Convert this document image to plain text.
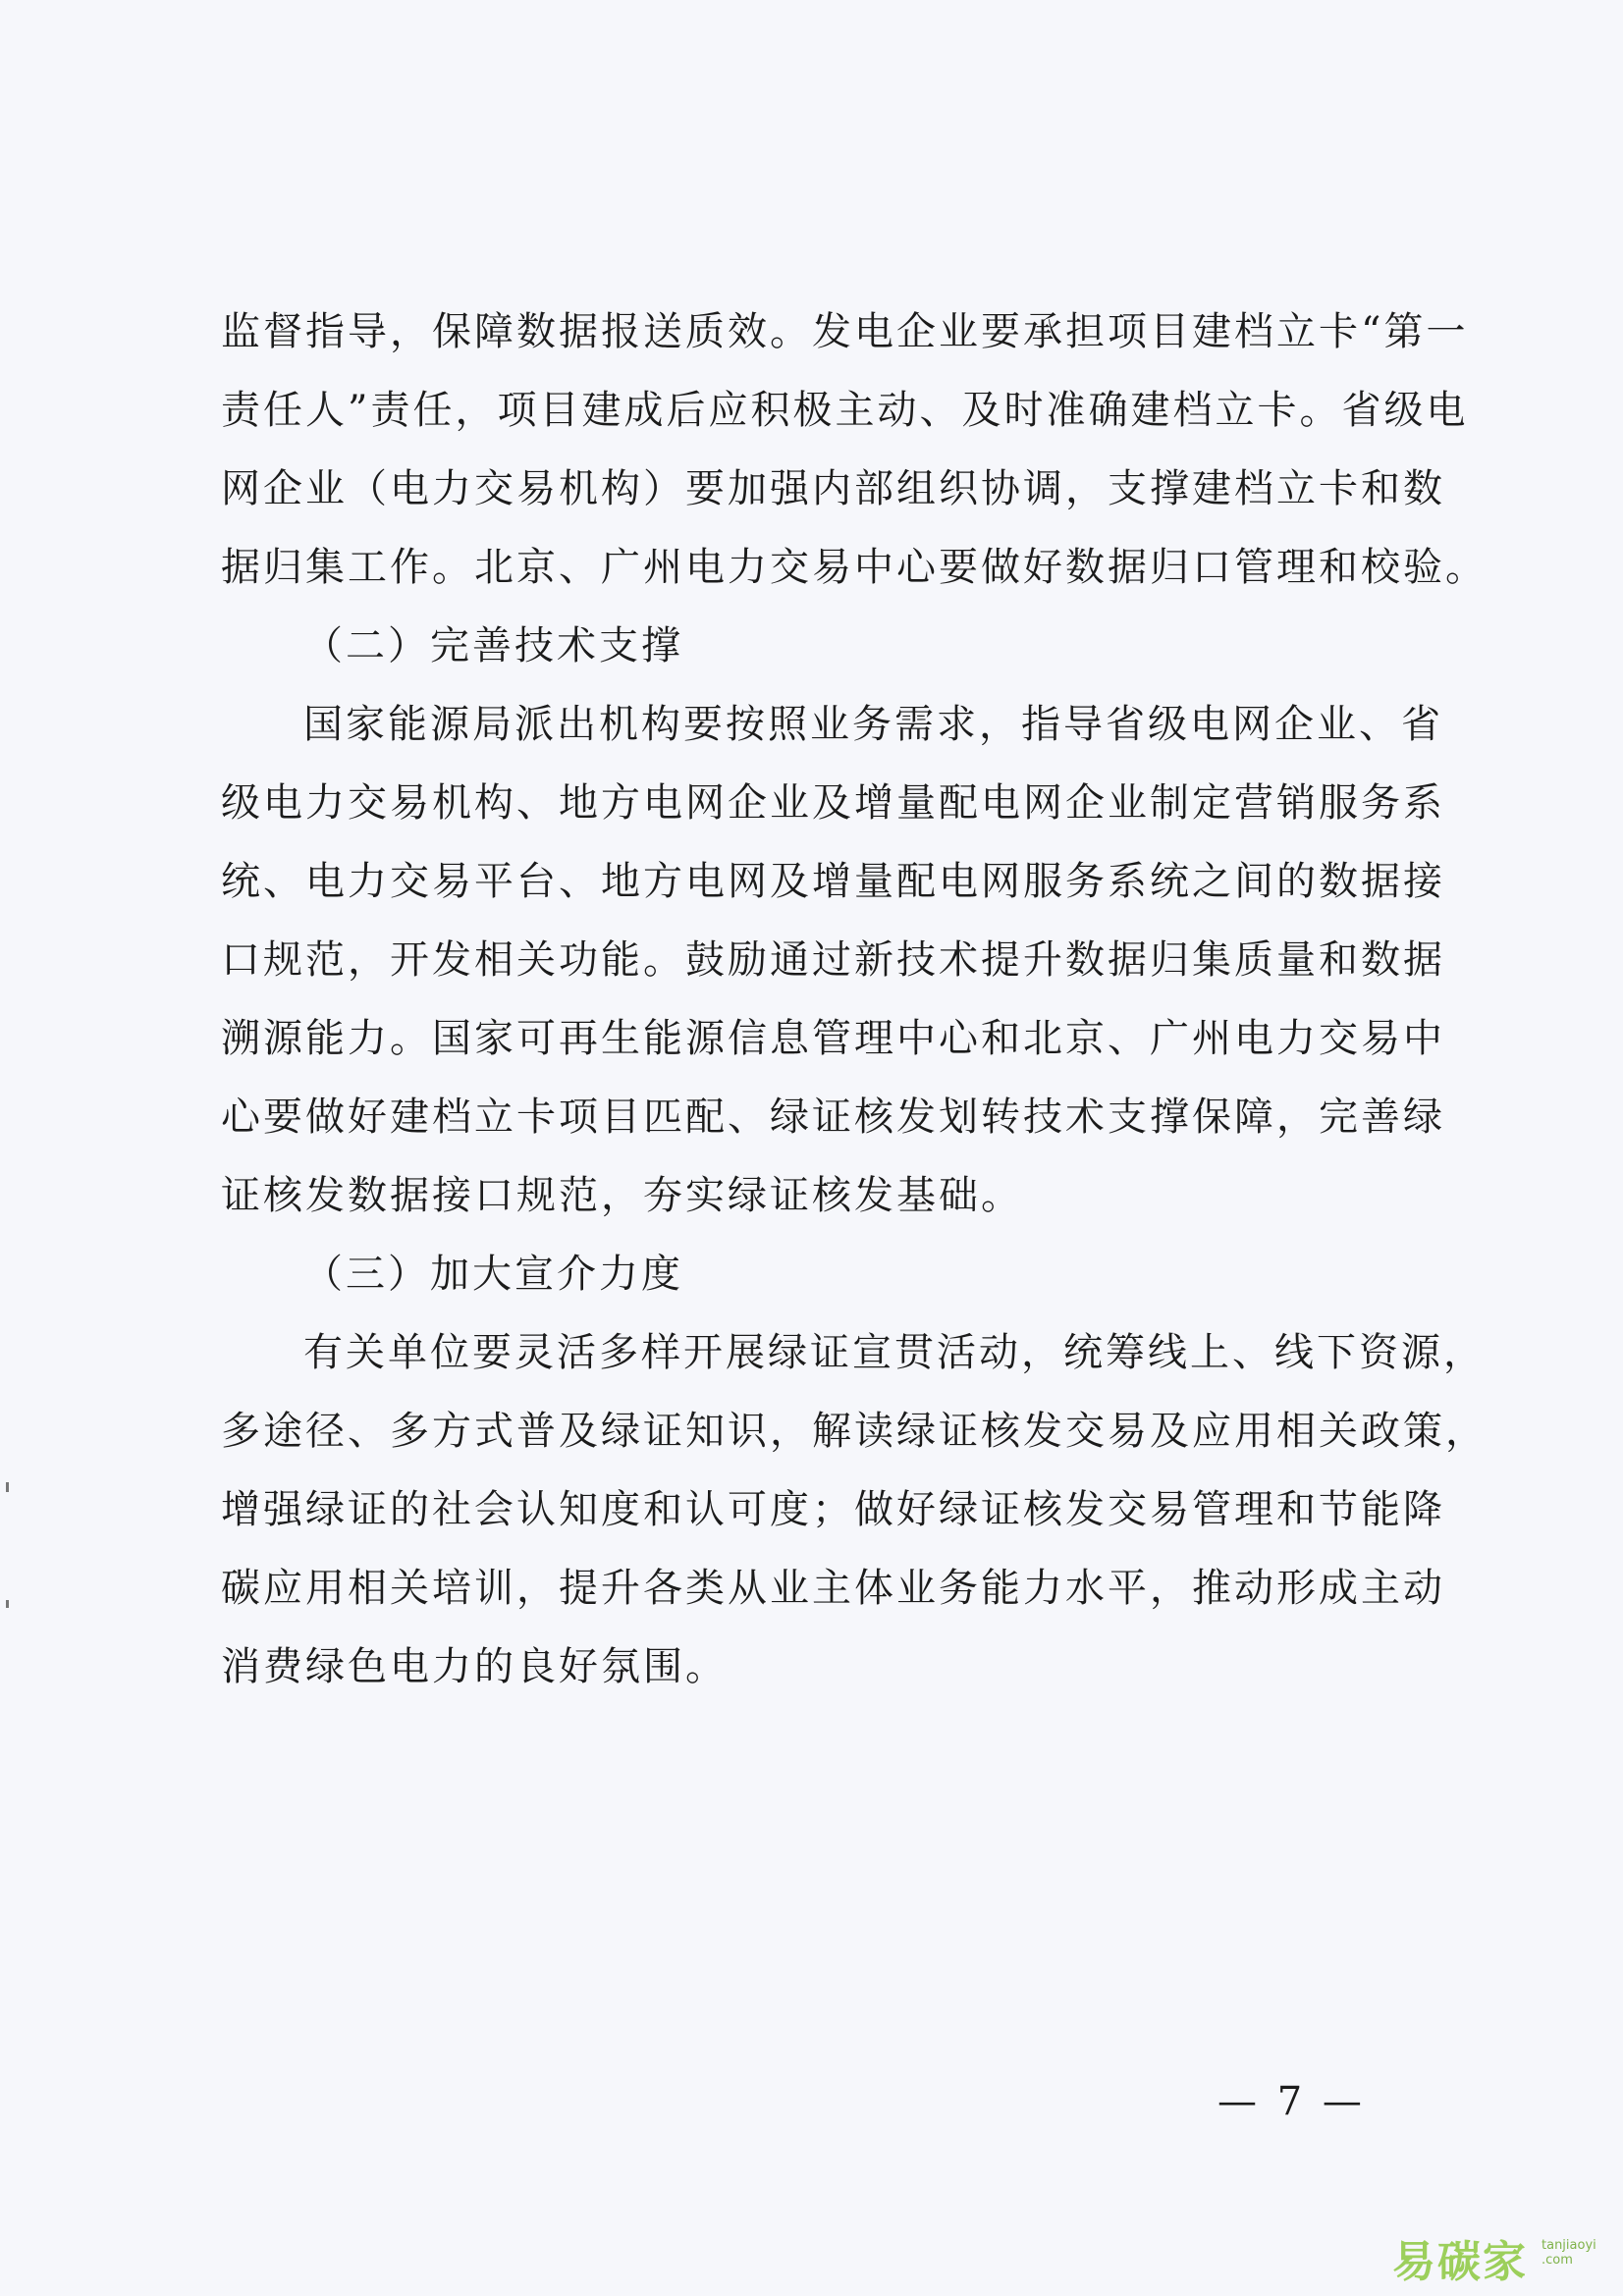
监督指导，保障数据报送质效。发电企业要承担项目建档立卡“第一
责任人”责任，项目建成后应积极主动、及时准确建档立卡。省级电
网企业（电力交易机构）要加强内部组织协调，支撑建档立卡和数
据归集工作。北京、广州电力交易中心要做好数据归口管理和校验。
（二）完善技术支撑
国家能源局派出机构要按照业务需求，指导省级电网企业、省
级电力交易机构、地方电网企业及增量配电网企业制定营销服务系
统、电力交易平台、地方电网及增量配电网服务系统之间的数据接
口规范，开发相关功能。鼓励通过新技术提升数据归集质量和数据
溯源能力。国家可再生能源信息管理中心和北京、广州电力交易中
心要做好建档立卡项目匹配、绿证核发划转技术支撑保障，完善绿
证核发数据接口规范，夯实绿证核发基础。
（三）加大宣介力度
有关单位要灵活多样开展绿证宣贯活动，统筹线上、线下资源，
多途径、多方式普及绿证知识，解读绿证核发交易及应用相关政策，
增强绿证的社会认知度和认可度；做好绿证核发交易管理和节能降
碳应用相关培训，提升各类从业主体业务能力水平，推动形成主动
消费绿色电力的良好氛围。
— 7 —
易碳家 tanjiaoyi
.com
